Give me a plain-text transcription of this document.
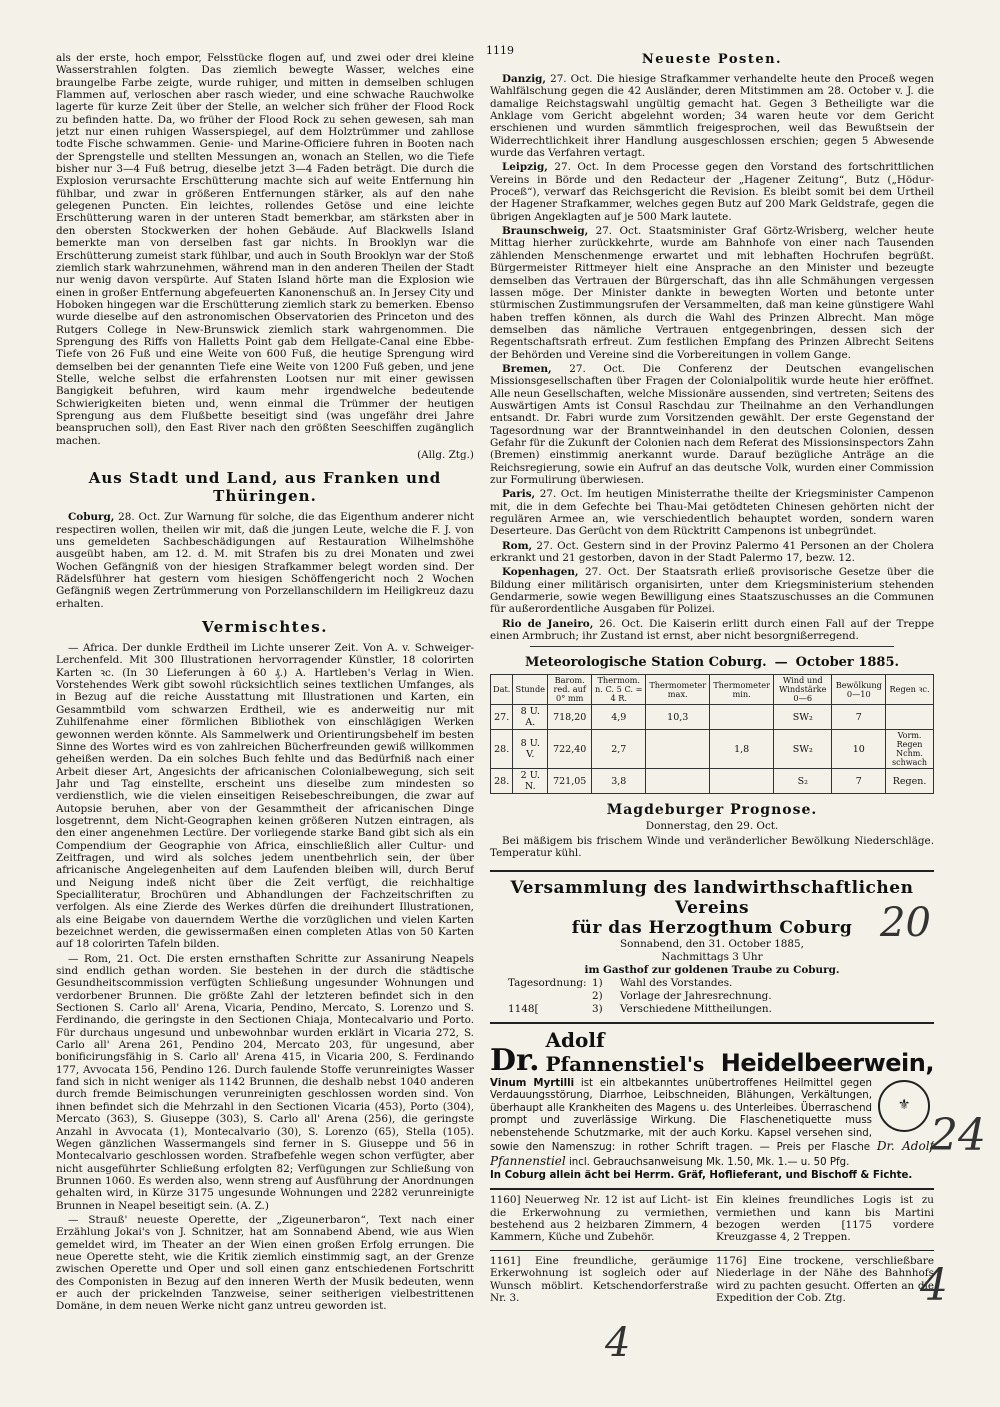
1119

als der erste, hoch empor, Felsstücke flogen auf, und zwei oder drei kleine Wasserstrahlen folgten. Das ziemlich bewegte Wasser, welches eine braungelbe Farbe zeigte, wurde ruhiger, und mitten in demselben schlugen Flammen auf, verloschen aber rasch wieder, und eine schwache Rauchwolke lagerte für kurze Zeit über der Stelle, an welcher sich früher der Flood Rock zu befinden hatte. Da, wo früher der Flood Rock zu sehen gewesen, sah man jetzt nur einen ruhigen Wasserspiegel, auf dem Holztrümmer und zahllose todte Fische schwammen. Genie- und Marine-Officiere fuhren in Booten nach der Sprengstelle und stellten Messungen an, wonach an Stellen, wo die Tiefe bisher nur 3—4 Fuß betrug, dieselbe jetzt 3—4 Faden beträgt. Die durch die Explosion verursachte Erschütterung machte sich auf weite Entfernung hin fühlbar, und zwar in größeren Entfernungen stärker, als auf den nahe gelegenen Puncten. Ein leichtes, rollendes Getöse und eine leichte Erschütterung waren in der unteren Stadt bemerkbar, am stärksten aber in den obersten Stockwerken der hohen Gebäude. Auf Blackwells Island bemerkte man von derselben fast gar nichts. In Brooklyn war die Erschütterung zumeist stark fühlbar, und auch in South Brooklyn war der Stoß ziemlich stark wahrzunehmen, während man in den anderen Theilen der Stadt nur wenig davon verspürte. Auf Staten Island hörte man die Explosion wie einen in großer Entfernung abgefeuerten Kanonenschuß an. In Jersey City und Hoboken hingegen war die Erschütterung ziemlich stark zu bemerken. Ebenso wurde dieselbe auf den astronomischen Observatorien des Princeton und des Rutgers College in New-Brunswick ziemlich stark wahrgenommen. Die Sprengung des Riffs von Halletts Point gab dem Hellgate-Canal eine Ebbe-Tiefe von 26 Fuß und eine Weite von 600 Fuß, die heutige Sprengung wird demselben bei der genannten Tiefe eine Weite von 1200 Fuß geben, und jene Stelle, welche selbst die erfahrensten Lootsen nur mit einer gewissen Bangigkeit befuhren, wird kaum mehr irgendwelche bedeutende Schwierigkeiten bieten und, wenn einmal die Trümmer der heutigen Sprengung aus dem Flußbette beseitigt sind (was ungefähr drei Jahre beanspruchen soll), den East River nach den größten Seeschiffen zugänglich machen.

(Allg. Ztg.)

Aus Stadt und Land, aus Franken und Thüringen.

Coburg, 28. Oct. Zur Warnung für solche, die das Eigenthum anderer nicht respectiren wollen, theilen wir mit, daß die jungen Leute, welche die F. J. von uns gemeldeten Sachbeschädigungen auf Restauration Wilhelmshöhe ausgeübt haben, am 12. d. M. mit Strafen bis zu drei Monaten und zwei Wochen Gefängniß von der hiesigen Strafkammer belegt worden sind. Der Rädelsführer hat gestern vom hiesigen Schöffengericht noch 2 Wochen Gefängniß wegen Zertrümmerung von Porzellanschildern im Heiligkreuz dazu erhalten.

Vermischtes.

— Africa. Der dunkle Erdtheil im Lichte unserer Zeit. Von A. v. Schweiger-Lerchenfeld. Mit 300 Illustrationen hervorragender Künstler, 18 colorirten Karten ꝛc. (In 30 Lieferungen à 60 ₰.) A. Hartleben's Verlag in Wien. Vorstehendes Werk gibt sowohl rücksichtlich seines textlichen Umfanges, als in Bezug auf die reiche Ausstattung mit Illustrationen und Karten, ein Gesammtbild vom schwarzen Erdtheil, wie es anderweitig nur mit Zuhilfenahme einer förmlichen Bibliothek von einschlägigen Werken gewonnen werden könnte. Als Sammelwerk und Orientirungsbehelf im besten Sinne des Wortes wird es von zahlreichen Bücherfreunden gewiß willkommen geheißen werden. Da ein solches Buch fehlte und das Bedürfniß nach einer Arbeit dieser Art, Angesichts der africanischen Colonialbewegung, sich seit Jahr und Tag einstellte, erscheint uns dieselbe zum mindesten so verdienstlich, wie die vielen einseitigen Reisebeschreibungen, die zwar auf Autopsie beruhen, aber von der Gesammtheit der africanischen Dinge losgetrennt, dem Nicht-Geographen keinen größeren Nutzen eintragen, als den einer angenehmen Lectüre. Der vorliegende starke Band gibt sich als ein Compendium der Geographie von Africa, einschließlich aller Cultur- und Zeitfragen, und wird als solches jedem unentbehrlich sein, der über africanische Angelegenheiten auf dem Laufenden bleiben will, durch Beruf und Neigung indeß nicht über die Zeit verfügt, die reichhaltige Specialliteratur, Brochüren und Abhandlungen der Fachzeitschriften zu verfolgen. Als eine Zierde des Werkes dürfen die dreihundert Illustrationen, als eine Beigabe von dauerndem Werthe die vorzüglichen und vielen Karten bezeichnet werden, die gewissermaßen einen completen Atlas von 50 Karten auf 18 colorirten Tafeln bilden.

— Rom, 21. Oct. Die ersten ernsthaften Schritte zur Assanirung Neapels sind endlich gethan worden. Sie bestehen in der durch die städtische Gesundheitscommission verfügten Schließung ungesunder Wohnungen und verdorbener Brunnen. Die größte Zahl der letzteren befindet sich in den Sectionen S. Carlo all' Arena, Vicaria, Pendino, Mercato, S. Lorenzo und S. Ferdinando, die geringste in den Sectionen Chiaja, Montecalvario und Porto. Für durchaus ungesund und unbewohnbar wurden erklärt in Vicaria 272, S. Carlo all' Arena 261, Pendino 204, Mercato 203, für ungesund, aber bonificirungsfähig in S. Carlo all' Arena 415, in Vicaria 200, S. Ferdinando 177, Avvocata 156, Pendino 126. Durch faulende Stoffe verunreinigtes Wasser fand sich in nicht weniger als 1142 Brunnen, die deshalb nebst 1040 anderen durch fremde Beimischungen verunreinigten geschlossen worden sind. Von ihnen befindet sich die Mehrzahl in den Sectionen Vicaria (453), Porto (304), Mercato (363), S. Giuseppe (303), S. Carlo all' Arena (256), die geringste Anzahl in Avvocata (1), Montecalvario (30), S. Lorenzo (65), Stella (105). Wegen gänzlichen Wassermangels sind ferner in S. Giuseppe und 56 in Montecalvario geschlossen worden. Strafbefehle wegen schon verfügter, aber nicht ausgeführter Schließung erfolgten 82; Verfügungen zur Schließung von Brunnen 1060. Es werden also, wenn streng auf Ausführung der Anordnungen gehalten wird, in Kürze 3175 ungesunde Wohnungen und 2282 verunreinigte Brunnen in Neapel beseitigt sein. (A. Z.)

— Strauß' neueste Operette, der „Zigeunerbaron“, Text nach einer Erzählung Jokai's von J. Schnitzer, hat am Sonnabend Abend, wie aus Wien gemeldet wird, im Theater an der Wien einen großen Erfolg errungen. Die neue Operette steht, wie die Kritik ziemlich einstimmig sagt, an der Grenze zwischen Operette und Oper und soll einen ganz entschiedenen Fortschritt des Componisten in Bezug auf den inneren Werth der Musik bedeuten, wenn er auch der prickelnden Tanzweise, seiner seitherigen vielbestrittenen Domäne, in dem neuen Werke nicht ganz untreu geworden ist.

Neueste Posten.

Danzig, 27. Oct. Die hiesige Strafkammer verhandelte heute den Proceß wegen Wahlfälschung gegen die 42 Ausländer, deren Mitstimmen am 28. October v. J. die damalige Reichstagswahl ungültig gemacht hat. Gegen 3 Betheiligte war die Anklage vom Gericht abgelehnt worden; 34 waren heute vor dem Gericht erschienen und wurden sämmtlich freigesprochen, weil das Bewußtsein der Widerrechtlichkeit ihrer Handlung ausgeschlossen erschien; gegen 5 Abwesende wurde das Verfahren vertagt.

Leipzig, 27. Oct. In dem Processe gegen den Vorstand des fortschrittlichen Vereins in Börde und den Redacteur der „Hagener Zeitung“, Butz („Hödur-Proceß“), verwarf das Reichsgericht die Revision. Es bleibt somit bei dem Urtheil der Hagener Strafkammer, welches gegen Butz auf 200 Mark Geldstrafe, gegen die übrigen Angeklagten auf je 500 Mark lautete.

Braunschweig, 27. Oct. Staatsminister Graf Görtz-Wrisberg, welcher heute Mittag hierher zurückkehrte, wurde am Bahnhofe von einer nach Tausenden zählenden Menschenmenge erwartet und mit lebhaften Hochrufen begrüßt. Bürgermeister Rittmeyer hielt eine Ansprache an den Minister und bezeugte demselben das Vertrauen der Bürgerschaft, das ihn alle Schmähungen vergessen lassen möge. Der Minister dankte in bewegten Worten und betonte unter stürmischen Zustimmungsrufen der Versammelten, daß man keine günstigere Wahl haben treffen können, als durch die Wahl des Prinzen Albrecht. Man möge demselben das nämliche Vertrauen entgegenbringen, dessen sich der Regentschaftsrath erfreut. Zum festlichen Empfang des Prinzen Albrecht Seitens der Behörden und Vereine sind die Vorbereitungen in vollem Gange.

Bremen, 27. Oct. Die Conferenz der Deutschen evangelischen Missionsgesellschaften über Fragen der Colonialpolitik wurde heute hier eröffnet. Alle neun Gesellschaften, welche Missionäre aussenden, sind vertreten; Seitens des Auswärtigen Amts ist Consul Raschdau zur Theilnahme an den Verhandlungen entsandt. Dr. Fabri wurde zum Vorsitzenden gewählt. Der erste Gegenstand der Tagesordnung war der Branntweinhandel in den deutschen Colonien, dessen Gefahr für die Zukunft der Colonien nach dem Referat des Missionsinspectors Zahn (Bremen) einstimmig anerkannt wurde. Darauf bezügliche Anträge an die Reichsregierung, sowie ein Aufruf an das deutsche Volk, wurden einer Commission zur Formulirung überwiesen.

Paris, 27. Oct. Im heutigen Ministerrathe theilte der Kriegsminister Campenon mit, die in dem Gefechte bei Thau-Mai getödteten Chinesen gehörten nicht der regulären Armee an, wie verschiedentlich behauptet worden, sondern waren Deserteure. Das Gerücht von dem Rücktritt Campenons ist unbegründet.

Rom, 27. Oct. Gestern sind in der Provinz Palermo 41 Personen an der Cholera erkrankt und 21 gestorben, davon in der Stadt Palermo 17, bezw. 12.

Kopenhagen, 27. Oct. Der Staatsrath erließ provisorische Gesetze über die Bildung einer militärisch organisirten, unter dem Kriegsministerium stehenden Gendarmerie, sowie wegen Bewilligung eines Staatszuschusses an die Communen für außerordentliche Ausgaben für Polizei.

Rio de Janeiro, 26. Oct. Die Kaiserin erlitt durch einen Fall auf der Treppe einen Armbruch; ihr Zustand ist ernst, aber nicht besorgnißerregend.

Meteorologische Station Coburg. — October 1885.
Dat.	Stunde	Barom. red. auf 0° mm	Thermom. n. C. 5 C. = 4 R.	Thermometer max.	Thermometer min.	Wind und Windstärke 0—6	Bewölkung 0—10	Regen ꝛc.
27.	8 U. A.	718,20	4,9	10,3		SW₂	7	
28.	8 U. V.	722,40	2,7		1,8	SW₂	10	Vorm. Regen Nchm. schwach
28.	2 U. N.	721,05	3,8			S₂	7	Regen.
Magdeburger Prognose.

Donnerstag, den 29. Oct.

Bei mäßigem bis frischem Winde und veränderlicher Bewölkung Niederschläge. Temperatur kühl.

Versammlung des landwirthschaftlichen Vereins
für das Herzogthum Coburg
Sonnabend, den 31. October 1885,
Nachmittags 3 Uhr
im Gasthof zur goldenen Traube zu Coburg.
Tagesordnung: 1)	Wahl des Vorstandes.
2)	Vorlage der Jahresrechnung.
1148[	3)	Verschiedene Mittheilungen.
Dr.
Adolf Pfannenstiel's Heidelbeerwein,
⚜
Vinum Myrtilli ist ein altbekanntes unübertroffenes Heilmittel gegen Verdauungsstörung, Diarrhoe, Leibschneiden, Blähungen, Verkältungen, überhaupt alle Krankheiten des Magens u. des Unterleibes. Überraschend prompt und zuverlässige Wirkung. Die Flaschenetiquette muss nebenstehende Schutzmarke, mit der auch Korku. Kapsel versehen sind, sowie den Namenszug: in rother Schrift tragen. — Preis per Flasche Dr. Adolf Pfannenstiel incl. Gebrauchsanweisung Mk. 1.50, Mk. 1.— u. 50 Pfg.
In Coburg allein ächt bei Herrm. Gräf, Hoflieferant, und Bischoff & Fichte.
1160] Neuerweg Nr. 12 ist auf Licht- ist die Erkerwohnung zu vermiethen, bestehend aus 2 heizbaren Zimmern, 4 Kammern, Küche und Zubehör.
Ein kleines freundliches Logis ist zu vermiethen und kann bis Martini bezogen werden [1175 vordere Kreuzgasse 4, 2 Treppen.
1161] Eine freundliche, geräumige Erkerwohnung ist sogleich oder auf Wunsch möblirt. Ketschendorferstraße Nr. 3.
1176] Eine trockene, verschließbare Niederlage in der Nähe des Bahnhofs wird zu pachten gesucht. Offerten an die Expedition der Cob. Ztg.
20
24
4
4
